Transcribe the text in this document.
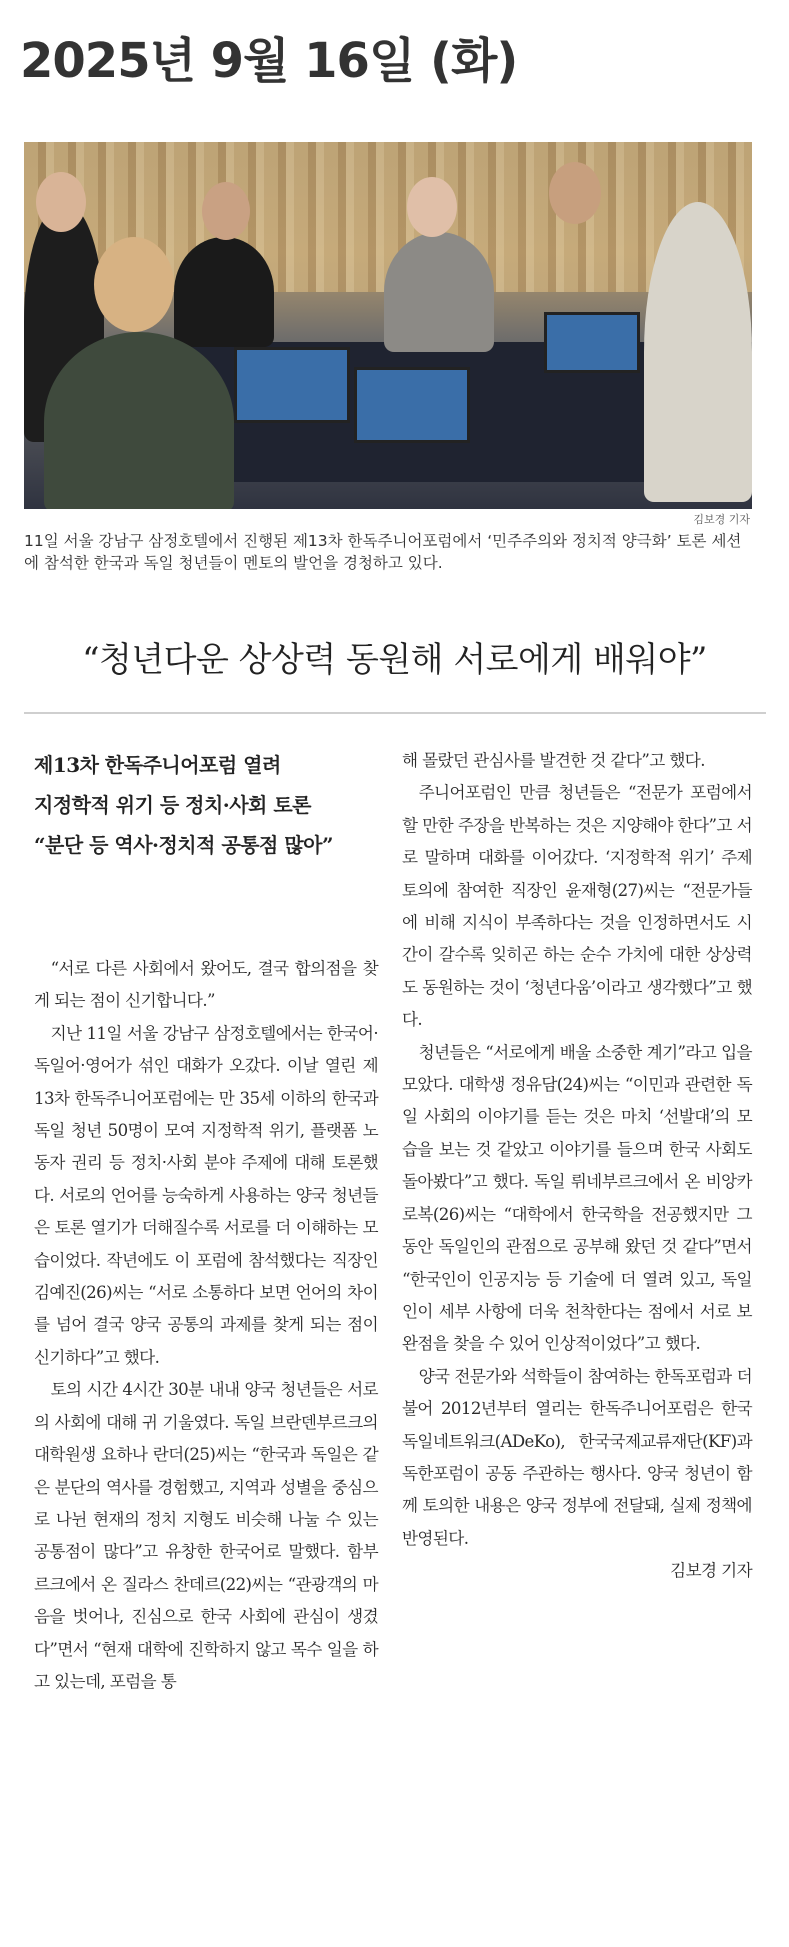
2025년 9월 16일 (화)
김보경 기자
11일 서울 강남구 삼정호텔에서 진행된 제13차 한독주니어포럼에서 ‘민주주의와 정치적 양극화’ 토론 세션에 참석한 한국과 독일 청년들이 멘토의 발언을 경청하고 있다.
“청년다운 상상력 동원해 서로에게 배워야”
제13차 한독주니어포럼 열려
지정학적 위기 등 정치·사회 토론
“분단 등 역사·정치적 공통점 많아”

“서로 다른 사회에서 왔어도, 결국 합의점을 찾게 되는 점이 신기합니다.”

지난 11일 서울 강남구 삼정호텔에서는 한국어·독일어·영어가 섞인 대화가 오갔다. 이날 열린 제13차 한독주니어포럼에는 만 35세 이하의 한국과 독일 청년 50명이 모여 지정학적 위기, 플랫폼 노동자 권리 등 정치·사회 분야 주제에 대해 토론했다. 서로의 언어를 능숙하게 사용하는 양국 청년들은 토론 열기가 더해질수록 서로를 더 이해하는 모습이었다. 작년에도 이 포럼에 참석했다는 직장인 김예진(26)씨는 “서로 소통하다 보면 언어의 차이를 넘어 결국 양국 공통의 과제를 찾게 되는 점이 신기하다”고 했다.

토의 시간 4시간 30분 내내 양국 청년들은 서로의 사회에 대해 귀 기울였다. 독일 브란덴부르크의 대학원생 요하나 란더(25)씨는 “한국과 독일은 같은 분단의 역사를 경험했고, 지역과 성별을 중심으로 나뉜 현재의 정치 지형도 비슷해 나눌 수 있는 공통점이 많다”고 유창한 한국어로 말했다. 함부르크에서 온 질라스 찬데르(22)씨는 “관광객의 마음을 벗어나, 진심으로 한국 사회에 관심이 생겼다”면서 “현재 대학에 진학하지 않고 목수 일을 하고 있는데, 포럼을 통

해 몰랐던 관심사를 발견한 것 같다”고 했다.

주니어포럼인 만큼 청년들은 “전문가 포럼에서 할 만한 주장을 반복하는 것은 지양해야 한다”고 서로 말하며 대화를 이어갔다. ‘지정학적 위기’ 주제 토의에 참여한 직장인 윤재형(27)씨는 “전문가들에 비해 지식이 부족하다는 것을 인정하면서도 시간이 갈수록 잊히곤 하는 순수 가치에 대한 상상력도 동원하는 것이 ‘청년다움’이라고 생각했다”고 했다.

청년들은 “서로에게 배울 소중한 계기”라고 입을 모았다. 대학생 정유담(24)씨는 “이민과 관련한 독일 사회의 이야기를 듣는 것은 마치 ‘선발대’의 모습을 보는 것 같았고 이야기를 들으며 한국 사회도 돌아봤다”고 했다. 독일 뤼네부르크에서 온 비앙카 로복(26)씨는 “대학에서 한국학을 전공했지만 그동안 독일인의 관점으로 공부해 왔던 것 같다”면서 “한국인이 인공지능 등 기술에 더 열려 있고, 독일인이 세부 사항에 더욱 천착한다는 점에서 서로 보완점을 찾을 수 있어 인상적이었다”고 했다.

양국 전문가와 석학들이 참여하는 한독포럼과 더불어 2012년부터 열리는 한독주니어포럼은 한국독일네트워크(ADeKo), 한국국제교류재단(KF)과 독한포럼이 공동 주관하는 행사다. 양국 청년이 함께 토의한 내용은 양국 정부에 전달돼, 실제 정책에 반영된다.

김보경 기자
